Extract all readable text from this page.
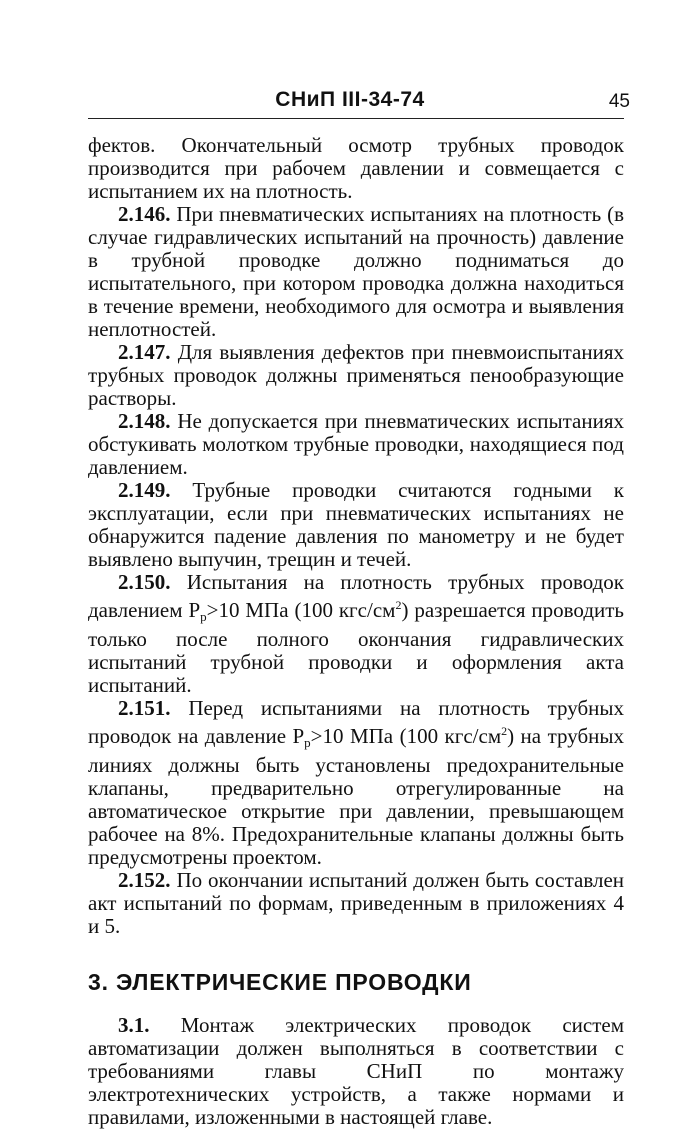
СНиП III-34-74	45

фектов. Окончательный осмотр трубных проводок производится при рабочем давлении и совмещается с испытанием их на плотность.

2.146. При пневматических испытаниях на плотность (в случае гидравлических испытаний на прочность) давление в трубной проводке должно подниматься до испытательного, при котором проводка должна находиться в течение времени, необходимого для осмотра и выявления неплотностей.

2.147. Для выявления дефектов при пневмоиспытаниях трубных проводок должны применяться пенообразующие растворы.

2.148. Не допускается при пневматических испытаниях обстукивать молотком трубные проводки, находящиеся под давлением.

2.149. Трубные проводки считаются годными к эксплуатации, если при пневматических испытаниях не обнаружится падение давления по манометру и не будет выявлено выпучин, трещин и течей.

2.150. Испытания на плотность трубных проводок давлением $P_р>10$ МПа (100 кгс/$см^2$) разрешается проводить только после полного окончания гидравлических испытаний трубной проводки и оформления акта испытаний.

2.151. Перед испытаниями на плотность трубных проводок на давление $P_р>10$ МПа (100 кгс/$см^2$) на трубных линиях должны быть установлены предохранительные клапаны, предварительно отрегулированные на автоматическое открытие при давлении, превышающем рабочее на 8%. Предохранительные клапаны должны быть предусмотрены проектом.

2.152. По окончании испытаний должен быть составлен акт испытаний по формам, приведенным в приложениях 4 и 5.

3. ЭЛЕКТРИЧЕСКИЕ ПРОВОДКИ

3.1. Монтаж электрических проводок систем автоматизации должен выполняться в соответствии с требованиями главы СНиП по монтажу электротехнических устройств, а также нормами и правилами, изложенными в настоящей главе.
